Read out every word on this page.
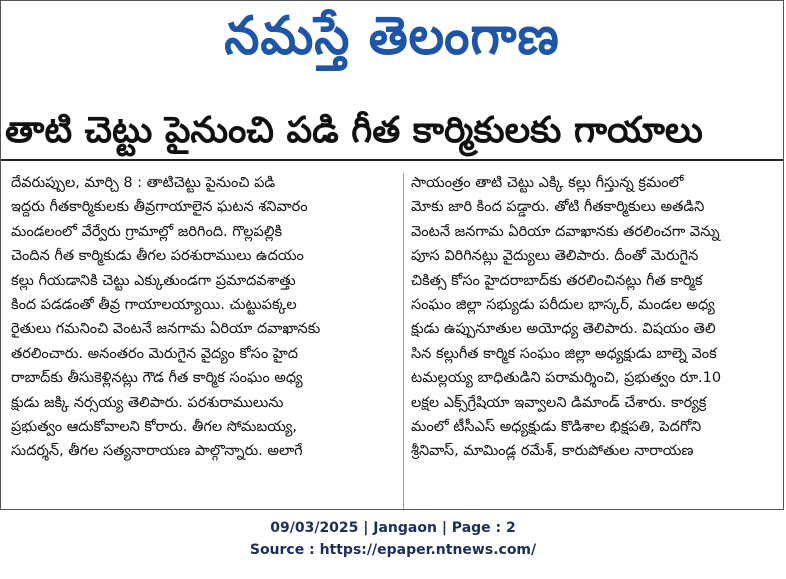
నమస్తే తెలంగాణ
తాటి చెట్టు పైనుంచి పడి గీత కార్మికులకు గాయాలు
దేవరుప్పుల, మార్చి 8 : తాటిచెట్టు పైనుంచి పడి
ఇద్దరు గీతకార్మికులకు తీవ్రగాయాలైన ఘటన శనివారం
మండలంలో వేర్వేరు గ్రామాల్లో జరిగింది. గొల్లపల్లికి
చెందిన గీత కార్మికుడు తీగల పరశురాములు ఉదయం
కల్లు గీయడానికి చెట్టు ఎక్కుతుండగా ప్రమాదవశాత్తు
కింద పడడంతో తీవ్ర గాయాలయ్యాయి. చుట్టుపక్కల
రైతులు గమనించి వెంటనే జనగామ ఏరియా దవాఖానకు
తరలించారు. అనంతరం మెరుగైన వైద్యం కోసం హైద
రాబాద్‌కు తీసుకెళ్లినట్లు గౌడ గీత కార్మిక సంఘం అధ్య
క్షుడు జక్కి నర్సయ్య తెలిపారు. పరశురాములును
ప్రభుత్వం ఆదుకోవాలని కోరారు. తీగల సోమబయ్య,
సుదర్శన్, తీగల సత్యనారాయణ పాల్గొన్నారు. అలాగే
సాయంత్రం తాటి చెట్టు ఎక్కి కల్లు గీస్తున్న క్రమంలో
మోకు జారి కింద పడ్డారు. తోటి గీతకార్మికులు అతడిని
వెంటనే జనగామ ఏరియా దవాఖానకు తరలించగా వెన్ను
పూస విరిగినట్లు వైద్యులు తెలిపారు. దీంతో మెరుగైన
చికిత్స కోసం హైదరాబాద్‌కు తరలించినట్లు గీత కార్మిక
సంఘం జిల్లా సభ్యుడు పరీదుల భాస్కర్, మండల అధ్య
క్షుడు ఉప్పునూతుల అయోధ్య తెలిపారు. విషయం తెలి
సిన కల్లుగీత కార్మిక సంఘం జిల్లా అధ్యక్షుడు బాల్నె వెంక
టమల్లయ్య బాధితుడిని పరామర్శించి, ప్రభుత్వం రూ.10
లక్షల ఎక్స్‌గ్రేషియా ఇవ్వాలని డిమాండ్ చేశారు. కార్యక్ర
మంలో టీసీఎస్ అధ్యక్షుడు కొడిశాల భిక్షపతి, పెదగోని
శ్రీనివాస్, మామిండ్ల రమేశ్, కారుపోతుల నారాయణ
09/03/2025 | Jangaon | Page : 2
Source : https://epaper.ntnews.com/
